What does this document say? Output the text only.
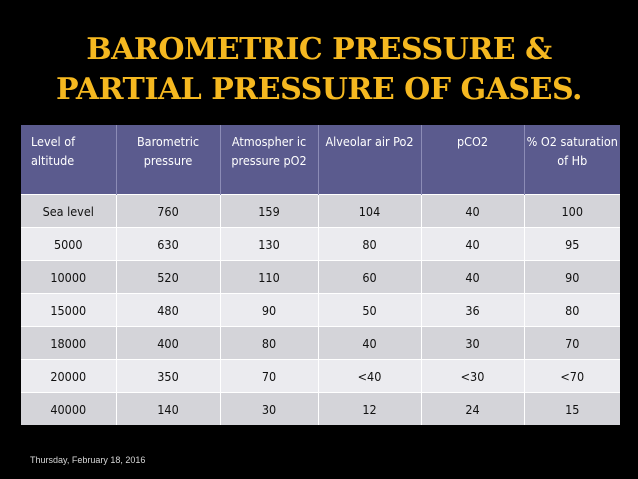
BAROMETRIC PRESSURE &
PARTIAL PRESSURE OF GASES.
Level of altitude	Barometric pressure	Atmospher ic pressure pO2	Alveolar air Po2	pCO2	% O2 saturation of Hb
Sea level	760	159	104	40	100
5000	630	130	80	40	95
10000	520	110	60	40	90
15000	480	90	50	36	80
18000	400	80	40	30	70
20000	350	70	<40	<30	<70
40000	140	30	12	24	15
Thursday, February 18, 2016
